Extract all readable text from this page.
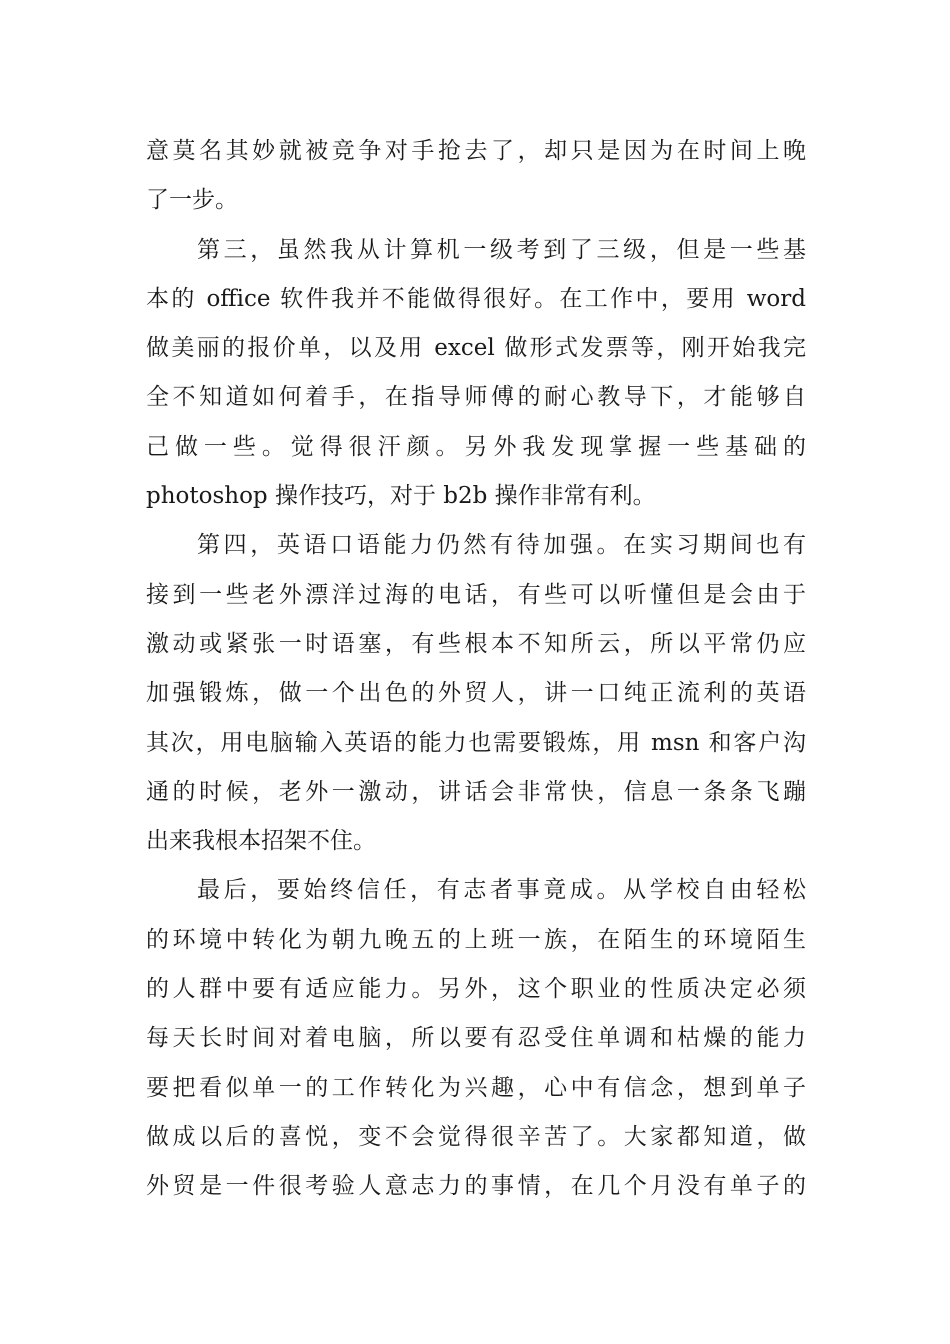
意莫名其妙就被竞争对手抢去了，却只是因为在时间上晚
了一步。
第三，虽然我从计算机一级考到了三级，但是一些基
本的 office 软件我并不能做得很好。在工作中，要用 word
做美丽的报价单，以及用 excel 做形式发票等，刚开始我完
全不知道如何着手，在指导师傅的耐心教导下，才能够自
己做一些。觉得很汗颜。另外我发现掌握一些基础的
photoshop 操作技巧，对于 b2b 操作非常有利。
第四，英语口语能力仍然有待加强。在实习期间也有
接到一些老外漂洋过海的电话，有些可以听懂但是会由于
激动或紧张一时语塞，有些根本不知所云，所以平常仍应
加强锻炼，做一个出色的外贸人，讲一口纯正流利的英语
其次，用电脑输入英语的能力也需要锻炼，用 msn 和客户沟
通的时候，老外一激动，讲话会非常快，信息一条条飞蹦
出来我根本招架不住。
最后，要始终信任，有志者事竟成。从学校自由轻松
的环境中转化为朝九晚五的上班一族，在陌生的环境陌生
的人群中要有适应能力。另外，这个职业的性质决定必须
每天长时间对着电脑，所以要有忍受住单调和枯燥的能力
要把看似单一的工作转化为兴趣，心中有信念，想到单子
做成以后的喜悦，变不会觉得很辛苦了。大家都知道，做
外贸是一件很考验人意志力的事情，在几个月没有单子的
